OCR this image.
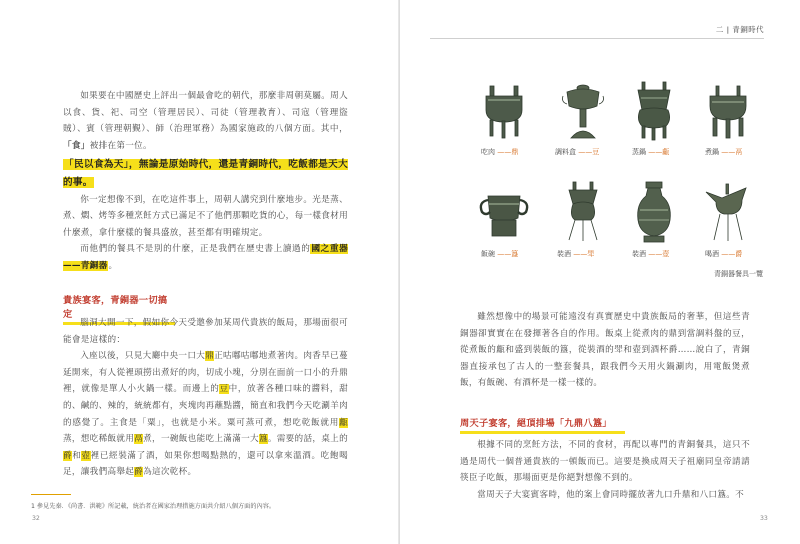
如果要在中國歷史上評出一個最會吃的朝代，那麼非周朝莫屬。周人以食、貨、祀、司空（管理居民）、司徒（管理教育）、司寇（管理盜賊）、賓（管理朝覲）、師（治理軍務）為國家施政的八個方面。其中，「食」被排在第一位。

「民以食為天」，無論是原始時代，還是青銅時代，吃飯都是天大的事。

你一定想像不到，在吃這件事上，周朝人講究到什麼地步。光是蒸、煮、燜、烤等多種烹飪方式已滿足不了他們那顆吃貨的心，每一樣食材用什麼煮，拿什麼樣的餐具盛放，甚至都有明確規定。

而他們的餐具不是別的什麼，正是我們在歷史書上讀過的國之重器——青銅器。

貴族宴客，青銅器一切搞定

腦洞大開一下，假如你今天受邀參加某周代貴族的飯局，那場面很可能會是這樣的：

入座以後，只見大廳中央一口大鼎正咕嘟咕嘟地煮著肉。肉香早已蔓延開來，有人從裡頭撈出煮好的肉，切成小塊，分別在面前一口小的升鼎裡，就像是單人小火鍋一樣。而邊上的豆中，放著各種口味的醬料，甜的、鹹的、辣的，統統都有，夾塊肉再蘸點醬，簡直和我們今天吃涮羊肉的感覺了。主食是「粟」，也就是小米。粟可蒸可煮，想吃乾飯就用甗蒸，想吃稀飯就用鬲煮，一碗飯也能吃上滿滿一大簋。需要的話，桌上的爵和壺裡已經裝滿了酒，如果你想喝點熱的，還可以拿來溫酒。吃飽喝足，讓我們高舉起爵為這次乾杯。

1 參見先秦．《尚書．洪範》所記載，統治者在國家治理措施方面共介紹八個方面的內容。
32
二 | 青銅時代
吃肉 ——鼎	調料盒 ——豆	蒸鍋 ——甗	煮鍋 ——鬲
飯碗 ——簋	裝酒 ——斝	裝酒 ——壺	喝酒 ——爵
青銅器餐具一覽

雖然想像中的場景可能遠沒有真實歷史中貴族飯局的奢華，但這些青銅器卻實實在在發揮著各自的作用。飯桌上從煮肉的鼎到當調料盤的豆，從煮飯的甗和盛到裝飯的簋，從裝酒的斝和壺到酒杯爵……說白了，青銅器直接承包了古人的一整套餐具，跟我們今天用火鍋涮肉，用電飯煲煮飯，有飯碗、有酒杯是一樣一樣的。

周天子宴客，絕頂排場「九鼎八簋」

根據不同的烹飪方法，不同的食材，再配以專門的青銅餐具，這只不過是周代一個普通貴族的一頓飯而已。這要是換成周天子祖廟同皇帝請請筷臣子吃飯，那場面更是你絕對想像不到的。

當周天子大宴賓客時，他的案上會同時擺放著九口升鼎和八口簋。不

33
